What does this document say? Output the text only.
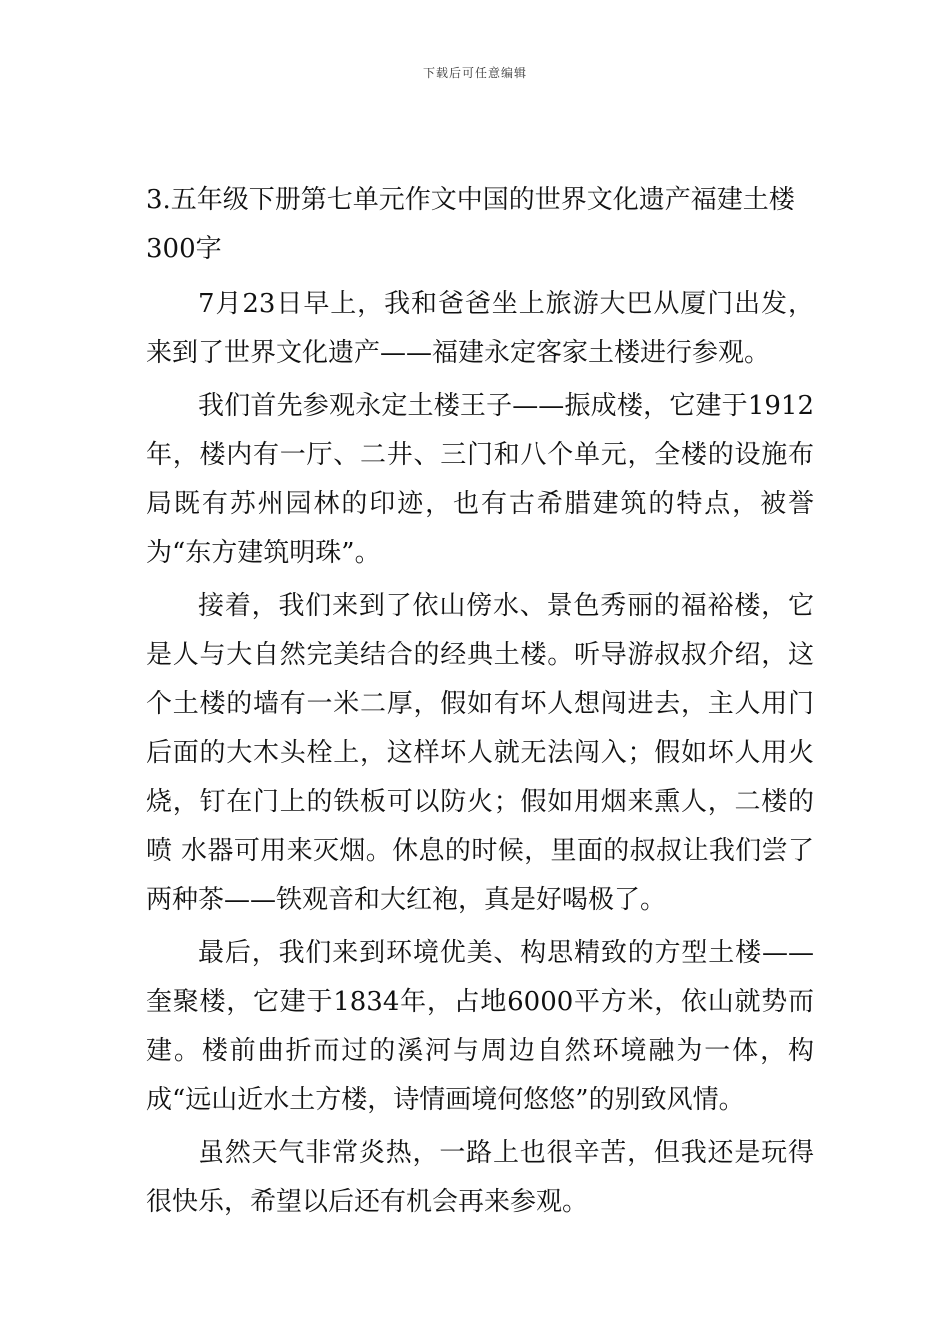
下载后可任意编辑
3.五年级下册第七单元作文中国的世界文化遗产福建土楼300字

7月23日早上，我和爸爸坐上旅游大巴从厦门出发，来到了世界文化遗产——福建永定客家土楼进行参观。

我们首先参观永定土楼王子——振成楼，它建于1912年，楼内有一厅、二井、三门和八个单元，全楼的设施布局既有苏州园林的印迹，也有古希腊建筑的特点，被誉为“东方建筑明珠”。

接着，我们来到了依山傍水、景色秀丽的福裕楼，它是人与大自然完美结合的经典土楼。听导游叔叔介绍，这个土楼的墙有一米二厚，假如有坏人想闯进去，主人用门后面的大木头栓上，这样坏人就无法闯入；假如坏人用火烧，钉在门上的铁板可以防火；假如用烟来熏人，二楼的喷 水器可用来灭烟。休息的时候，里面的叔叔让我们尝了两种茶——铁观音和大红袍，真是好喝极了。

最后，我们来到环境优美、构思精致的方型土楼——奎聚楼，它建于1834年，占地6000平方米，依山就势而建。楼前曲折而过的溪河与周边自然环境融为一体，构成“远山近水土方楼，诗情画境何悠悠”的别致风情。

虽然天气非常炎热，一路上也很辛苦，但我还是玩得很快乐，希望以后还有机会再来参观。
